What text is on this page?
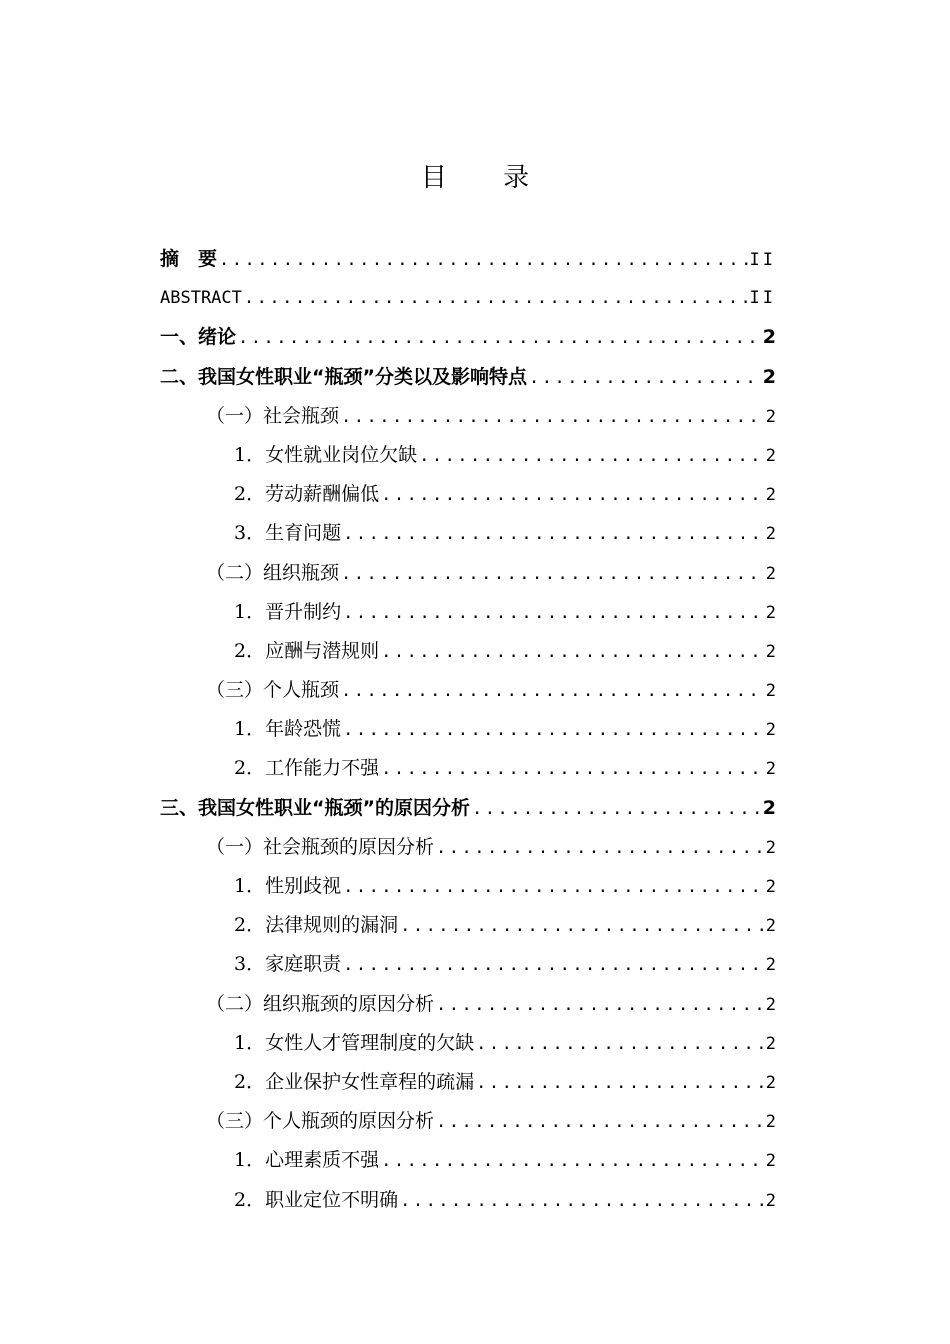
目 录
摘　要 .....	II
ABSTRACT .....	II
一、绪论 .....	2
二、我国女性职业“瓶颈”分类以及影响特点 .....	2
（一）社会瓶颈 .....	2
1．女性就业岗位欠缺 .....	2
2．劳动薪酬偏低 .....	2
3．生育问题 .....	2
（二）组织瓶颈 .....	2
1．晋升制约 .....	2
2．应酬与潜规则 .....	2
（三）个人瓶颈 .....	2
1．年龄恐慌 .....	2
2．工作能力不强 .....	2
三、我国女性职业“瓶颈”的原因分析 .....	2
（一）社会瓶颈的原因分析 .....	2
1．性别歧视 .....	2
2．法律规则的漏洞 .....	2
3．家庭职责 .....	2
（二）组织瓶颈的原因分析 .....	2
1．女性人才管理制度的欠缺 .....	2
2．企业保护女性章程的疏漏 .....	2
（三）个人瓶颈的原因分析 .....	2
1．心理素质不强 .....	2
2．职业定位不明确 .....	2
